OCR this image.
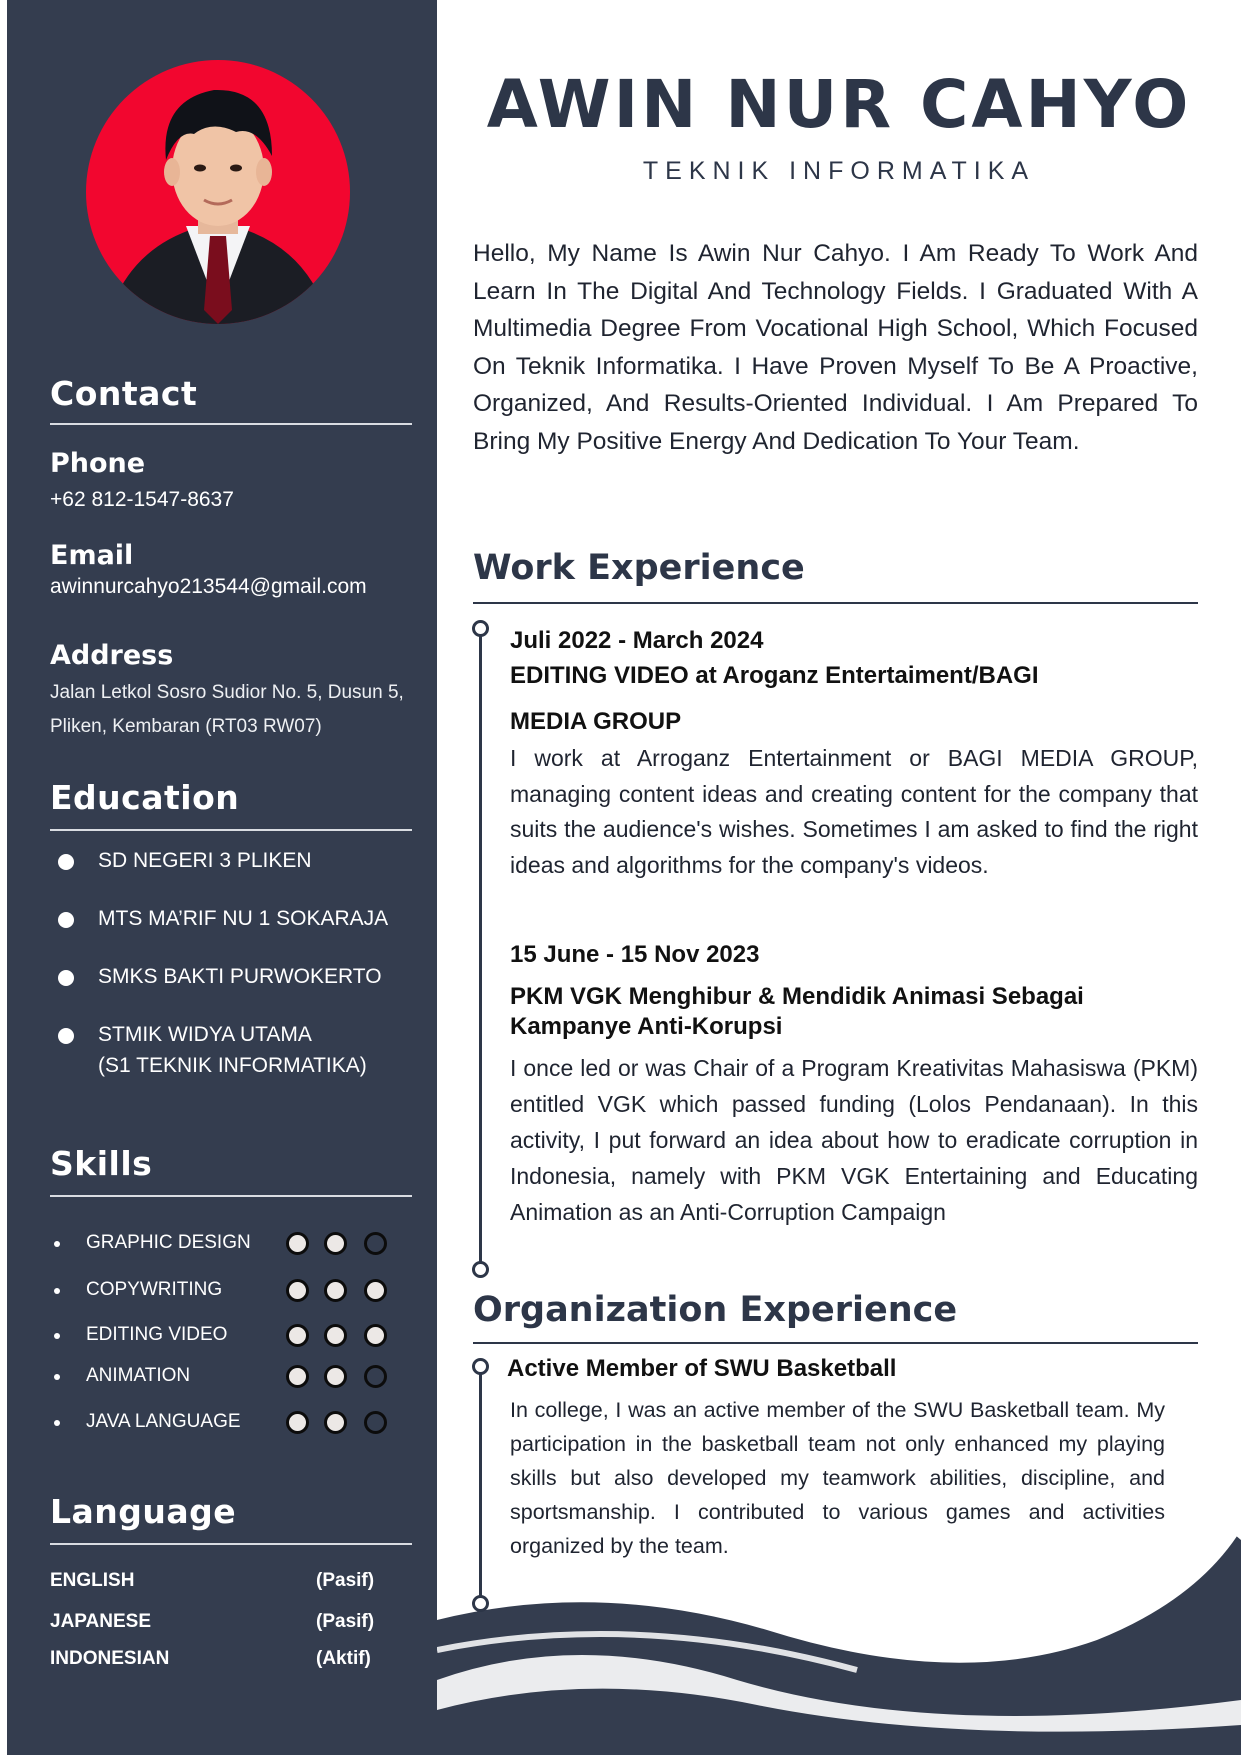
Contact
Phone
+62 812-1547-8637
Email
awinnurcahyo213544@gmail.com
Address
Jalan Letkol Sosro Sudior No. 5, Dusun 5, Pliken, Kembaran (RT03 RW07)
Education
SD NEGERI 3 PLIKEN
MTS MA’RIF NU 1 SOKARAJA
SMKS BAKTI PURWOKERTO
STMIK WIDYA UTAMA
(S1 TEKNIK INFORMATIKA)
Skills
GRAPHIC DESIGN
COPYWRITING
EDITING VIDEO
ANIMATION
JAVA LANGUAGE
Language
ENGLISH	(Pasif)
JAPANESE	(Pasif)
INDONESIAN	(Aktif)
AWIN NUR CAHYO
TEKNIK INFORMATIKA
Hello, My Name Is Awin Nur Cahyo. I Am Ready To Work And Learn In The Digital And Technology Fields. I Graduated With A Multimedia Degree From Vocational High School, Which Focused On Teknik Informatika. I Have Proven Myself To Be A Proactive, Organized, And Results-Oriented Individual. I Am Prepared To Bring My Positive Energy And Dedication To Your Team.
Work Experience
Juli 2022 - March 2024
EDITING VIDEO at Aroganz Entertaiment/BAGI
MEDIA GROUP
I work at Arroganz Entertainment or BAGI MEDIA GROUP, managing content ideas and creating content for the company that suits the audience's wishes. Sometimes I am asked to find the right ideas and algorithms for the company's videos.
15 June - 15 Nov 2023
PKM VGK Menghibur & Mendidik Animasi Sebagai
Kampanye Anti-Korupsi
I once led or was Chair of a Program Kreativitas Mahasiswa (PKM) entitled VGK which passed funding (Lolos Pendanaan). In this activity, I put forward an idea about how to eradicate corruption in Indonesia, namely with PKM VGK Entertaining and Educating Animation as an Anti-Corruption Campaign
Organization Experience
Active Member of SWU Basketball
In college, I was an active member of the SWU Basketball team. My participation in the basketball team not only enhanced my playing skills but also developed my teamwork abilities, discipline, and sportsmanship. I contributed to various games and activities organized by the team.
